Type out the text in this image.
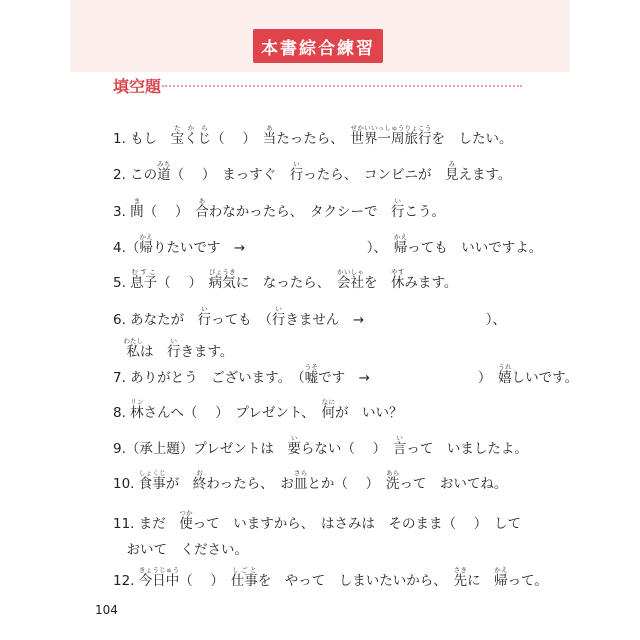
本書綜合練習
填空題
1. もし　宝くじたから（　 ）　当あたったら、　世界一周旅行せかいいっしゅうりょこうを　したい。
2. この道みち（　 ）　まっすぐ　行いったら、　コンビニが　見みえます。
3. 間ま（　 ）　合あわなかったら、　タクシーで　行いこう。
4.（帰かえりたいです　→　　　　　　　　　）、　帰かえっても　いいですよ。
5. 息子むすこ（　 ）　病気びょうきに　なったら、　会社かいしゃを　休やすみます。
6. あなたが　行いっても　（行いきません　→　　　　　　　　　）、
　私わたしは　行いきます。
7. ありがとう　ございます。　（嘘うそです　→　　　　　　　　）　嬉うれしいです。
8. 林リンさんへ（　 ）　プレゼント、　何なにが　いい？
9.（承上題）プレゼントは　要いらない（　 ）　言いって　いましたよ。
10. 食事しょくじが　終おわったら、　お皿さらとか（　 ）　洗あらって　おいてね。
11. まだ　使つかって　いますから、　はさみは　そのまま（　 ）　して
　おいて　ください。
12. 今日中きょうじゅう（　 ）　仕事しごとを　やって　しまいたいから、　先さきに　帰かえって。
104
